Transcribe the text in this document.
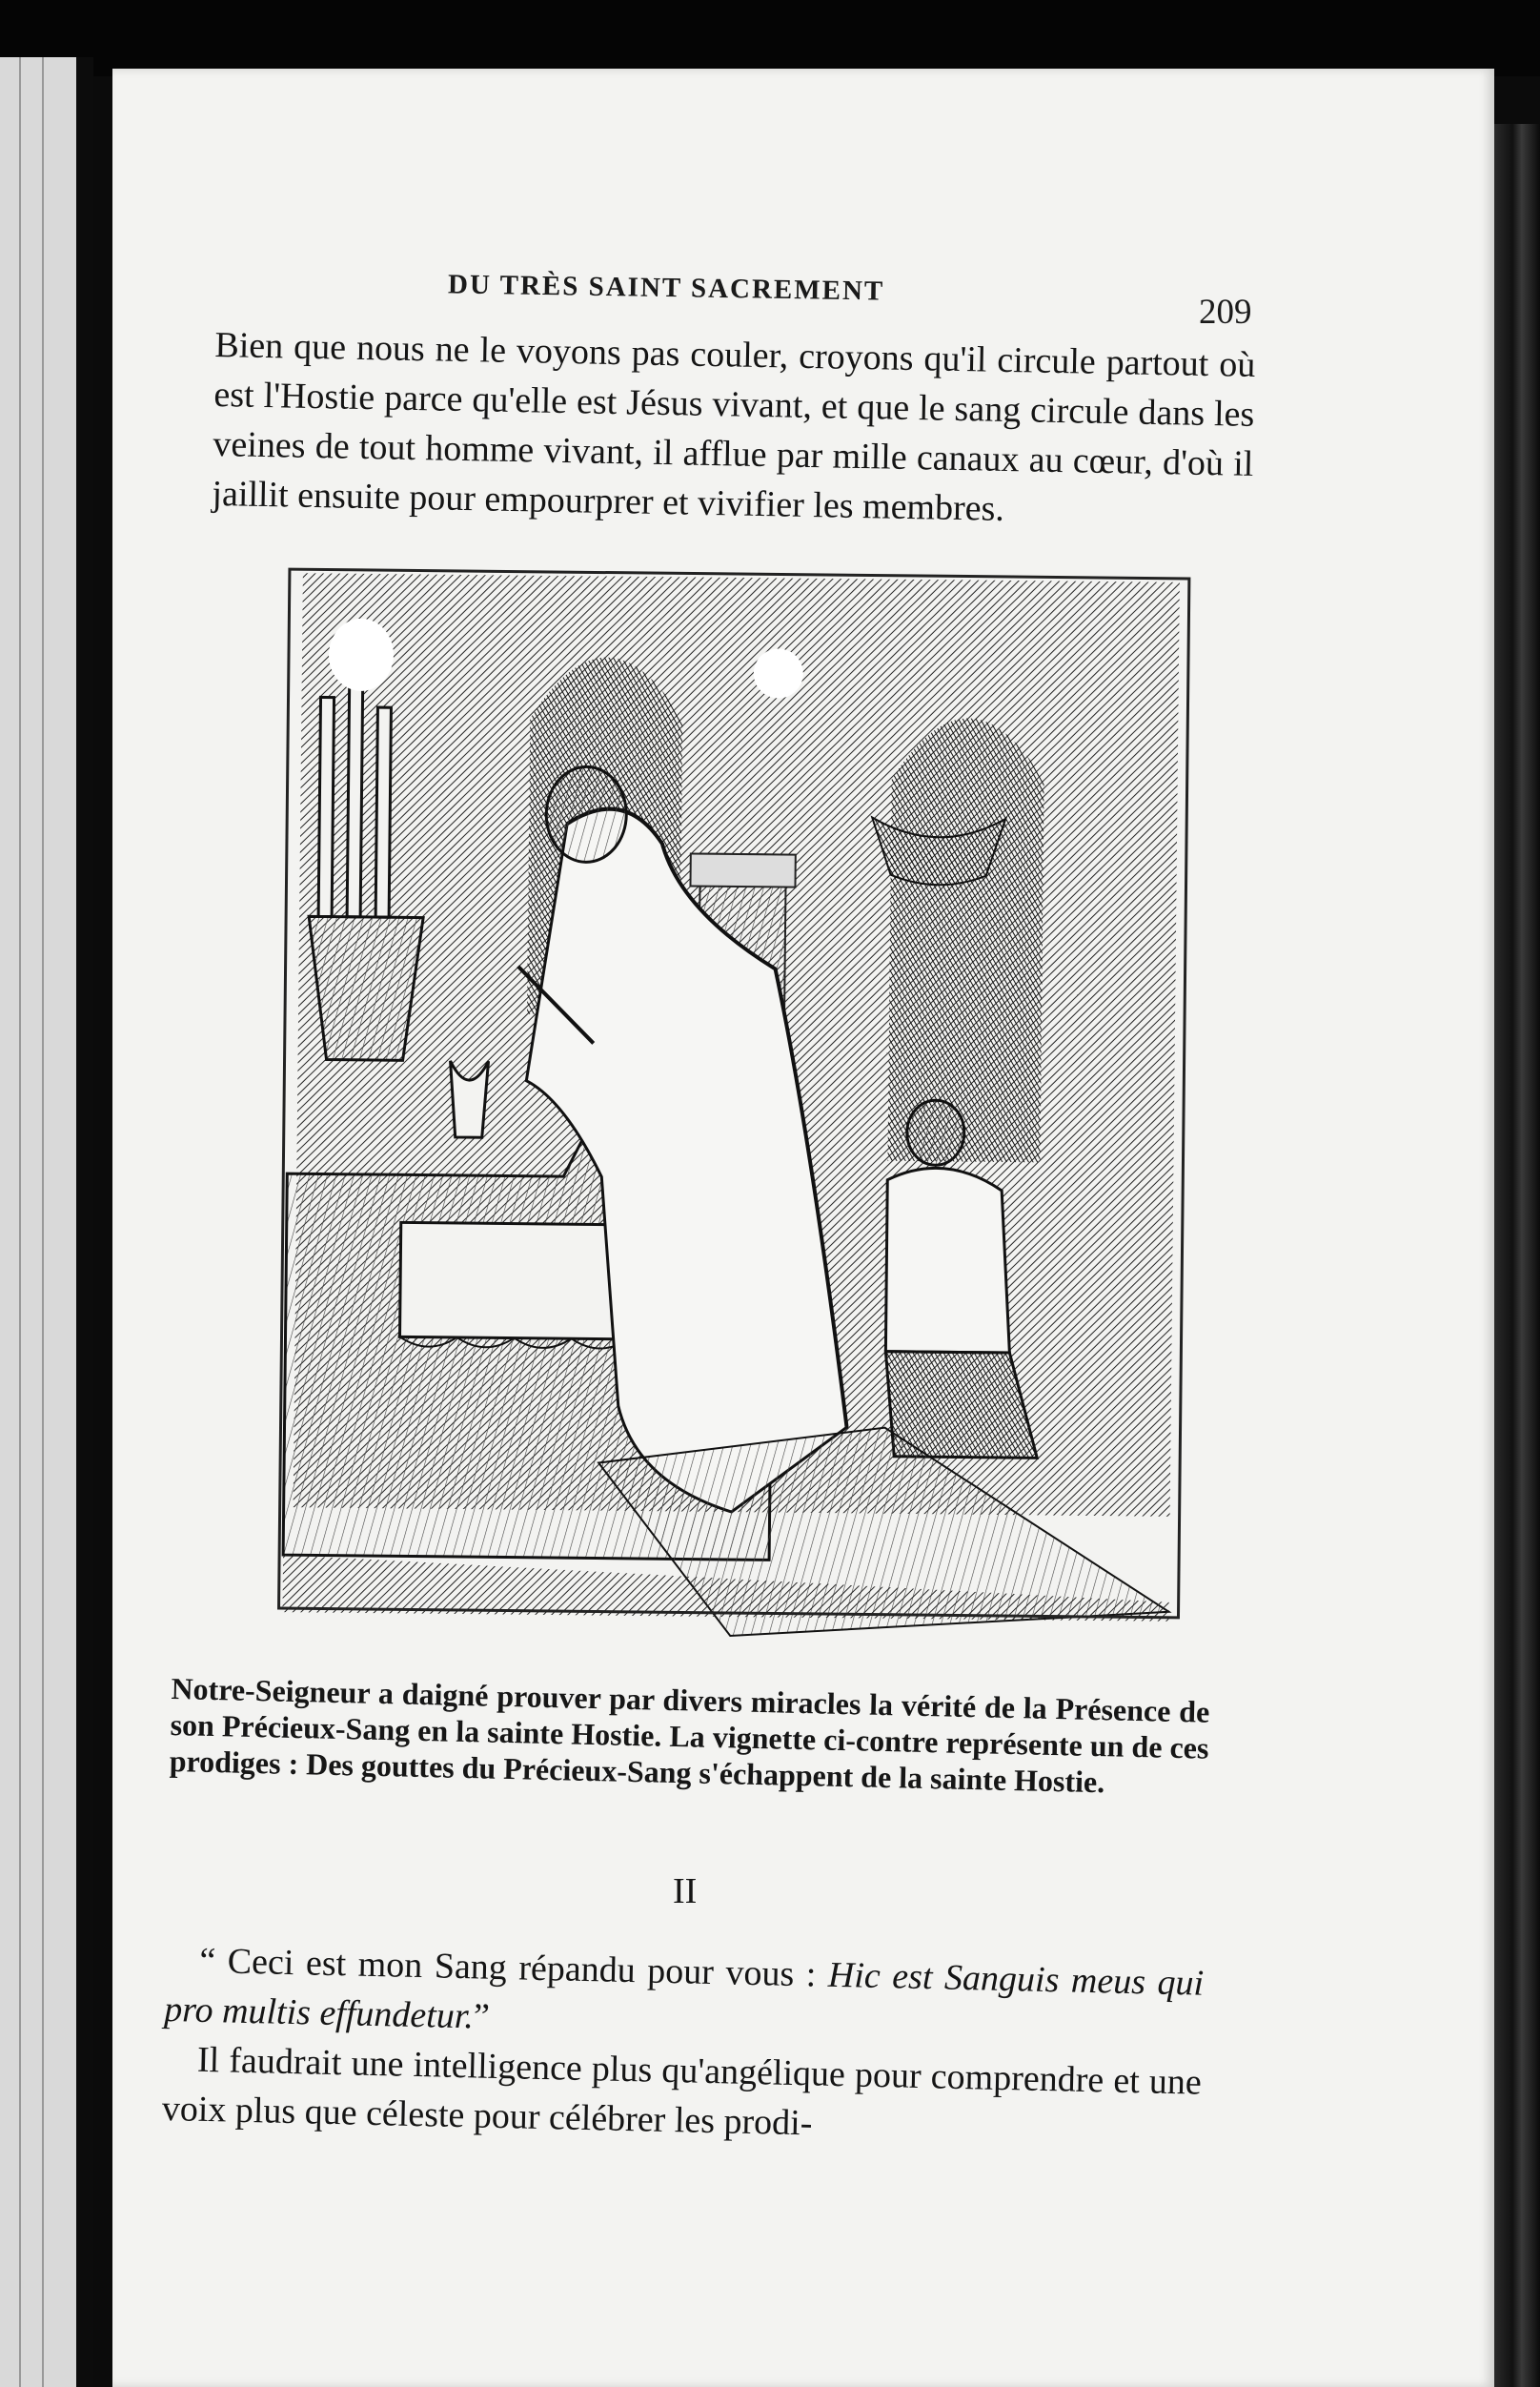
DU TRÈS SAINT SACREMENT
209

Bien que nous ne le voyons pas couler, croyons qu'il circule partout où est l'Hostie parce qu'elle est Jésus vivant, et que le sang circule dans les veines de tout homme vivant, il afflue par mille canaux au cœur, d'où il jaillit ensuite pour empourprer et vivifier les membres.

Notre-Seigneur a daigné prouver par divers miracles la vérité de la Présence de son Précieux-Sang en la sainte Hostie. La vignette ci-contre représente un de ces prodiges : Des gouttes du Précieux-Sang s'échappent de la sainte Hostie.
II

“ Ceci est mon Sang répandu pour vous : Hic est Sanguis meus qui pro multis effundetur.”

Il faudrait une intelligence plus qu'angélique pour comprendre et une voix plus que céleste pour célébrer les prodi-
